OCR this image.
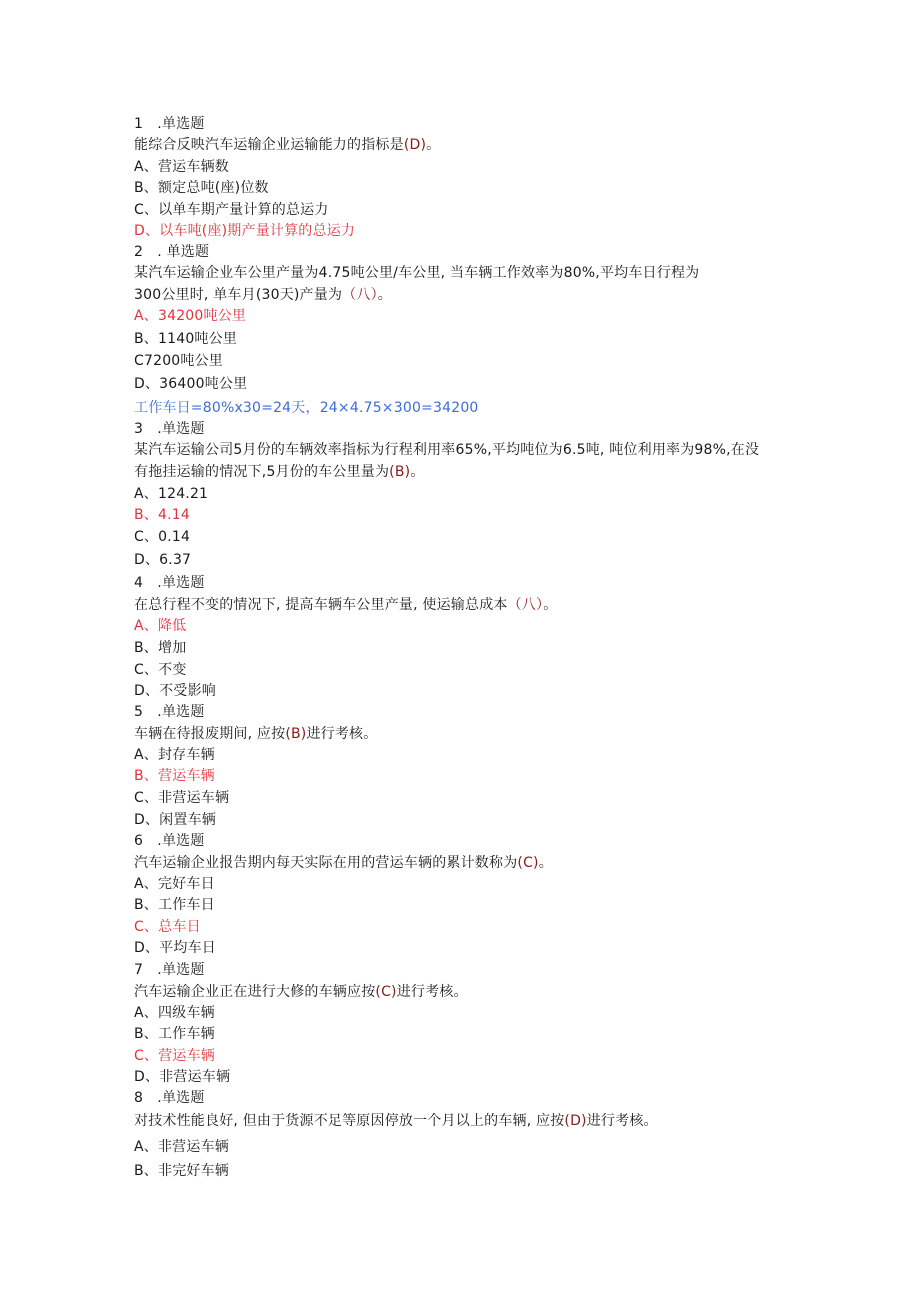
1　.单选题
能综合反映汽车运输企业运输能力的指标是(D)。
A、营运车辆数
B、额定总吨(座)位数
C、以单车期产量计算的总运力
D、以车吨(座)期产量计算的总运力
2　. 单选题
某汽车运输企业车公里产量为4.75吨公里/车公里, 当车辆工作效率为80%,平均车日行程为
300公里时, 单车月(30天)产量为（八）。
A、34200吨公里
B、1140吨公里
C7200吨公里
D、36400吨公里
工作车日=80%x30=24天，24×4.75×300=34200
3　.单选题
某汽车运输公司5月份的车辆效率指标为行程利用率65%,平均吨位为6.5吨, 吨位利用率为98%,在没
有拖挂运输的情况下,5月份的车公里量为(B)。
A、124.21
B、4.14
C、0.14
D、6.37
4　.单选题
在总行程不变的情况下, 提高车辆车公里产量, 使运输总成本（八）。
A、降低
B、增加
C、不变
D、不受影响
5　.单选题
车辆在待报废期间, 应按(B)进行考核。
A、封存车辆
B、营运车辆
C、非营运车辆
D、闲置车辆
6　.单选题
汽车运输企业报告期内每天实际在用的营运车辆的累计数称为(C)。
A、完好车日
B、工作车日
C、总车日
D、平均车日
7　.单选题
汽车运输企业正在进行大修的车辆应按(C)进行考核。
A、四级车辆
B、工作车辆
C、营运车辆
D、非营运车辆
8　.单选题
对技术性能良好, 但由于货源不足等原因停放一个月以上的车辆, 应按(D)进行考核。
A、非营运车辆
B、非完好车辆
